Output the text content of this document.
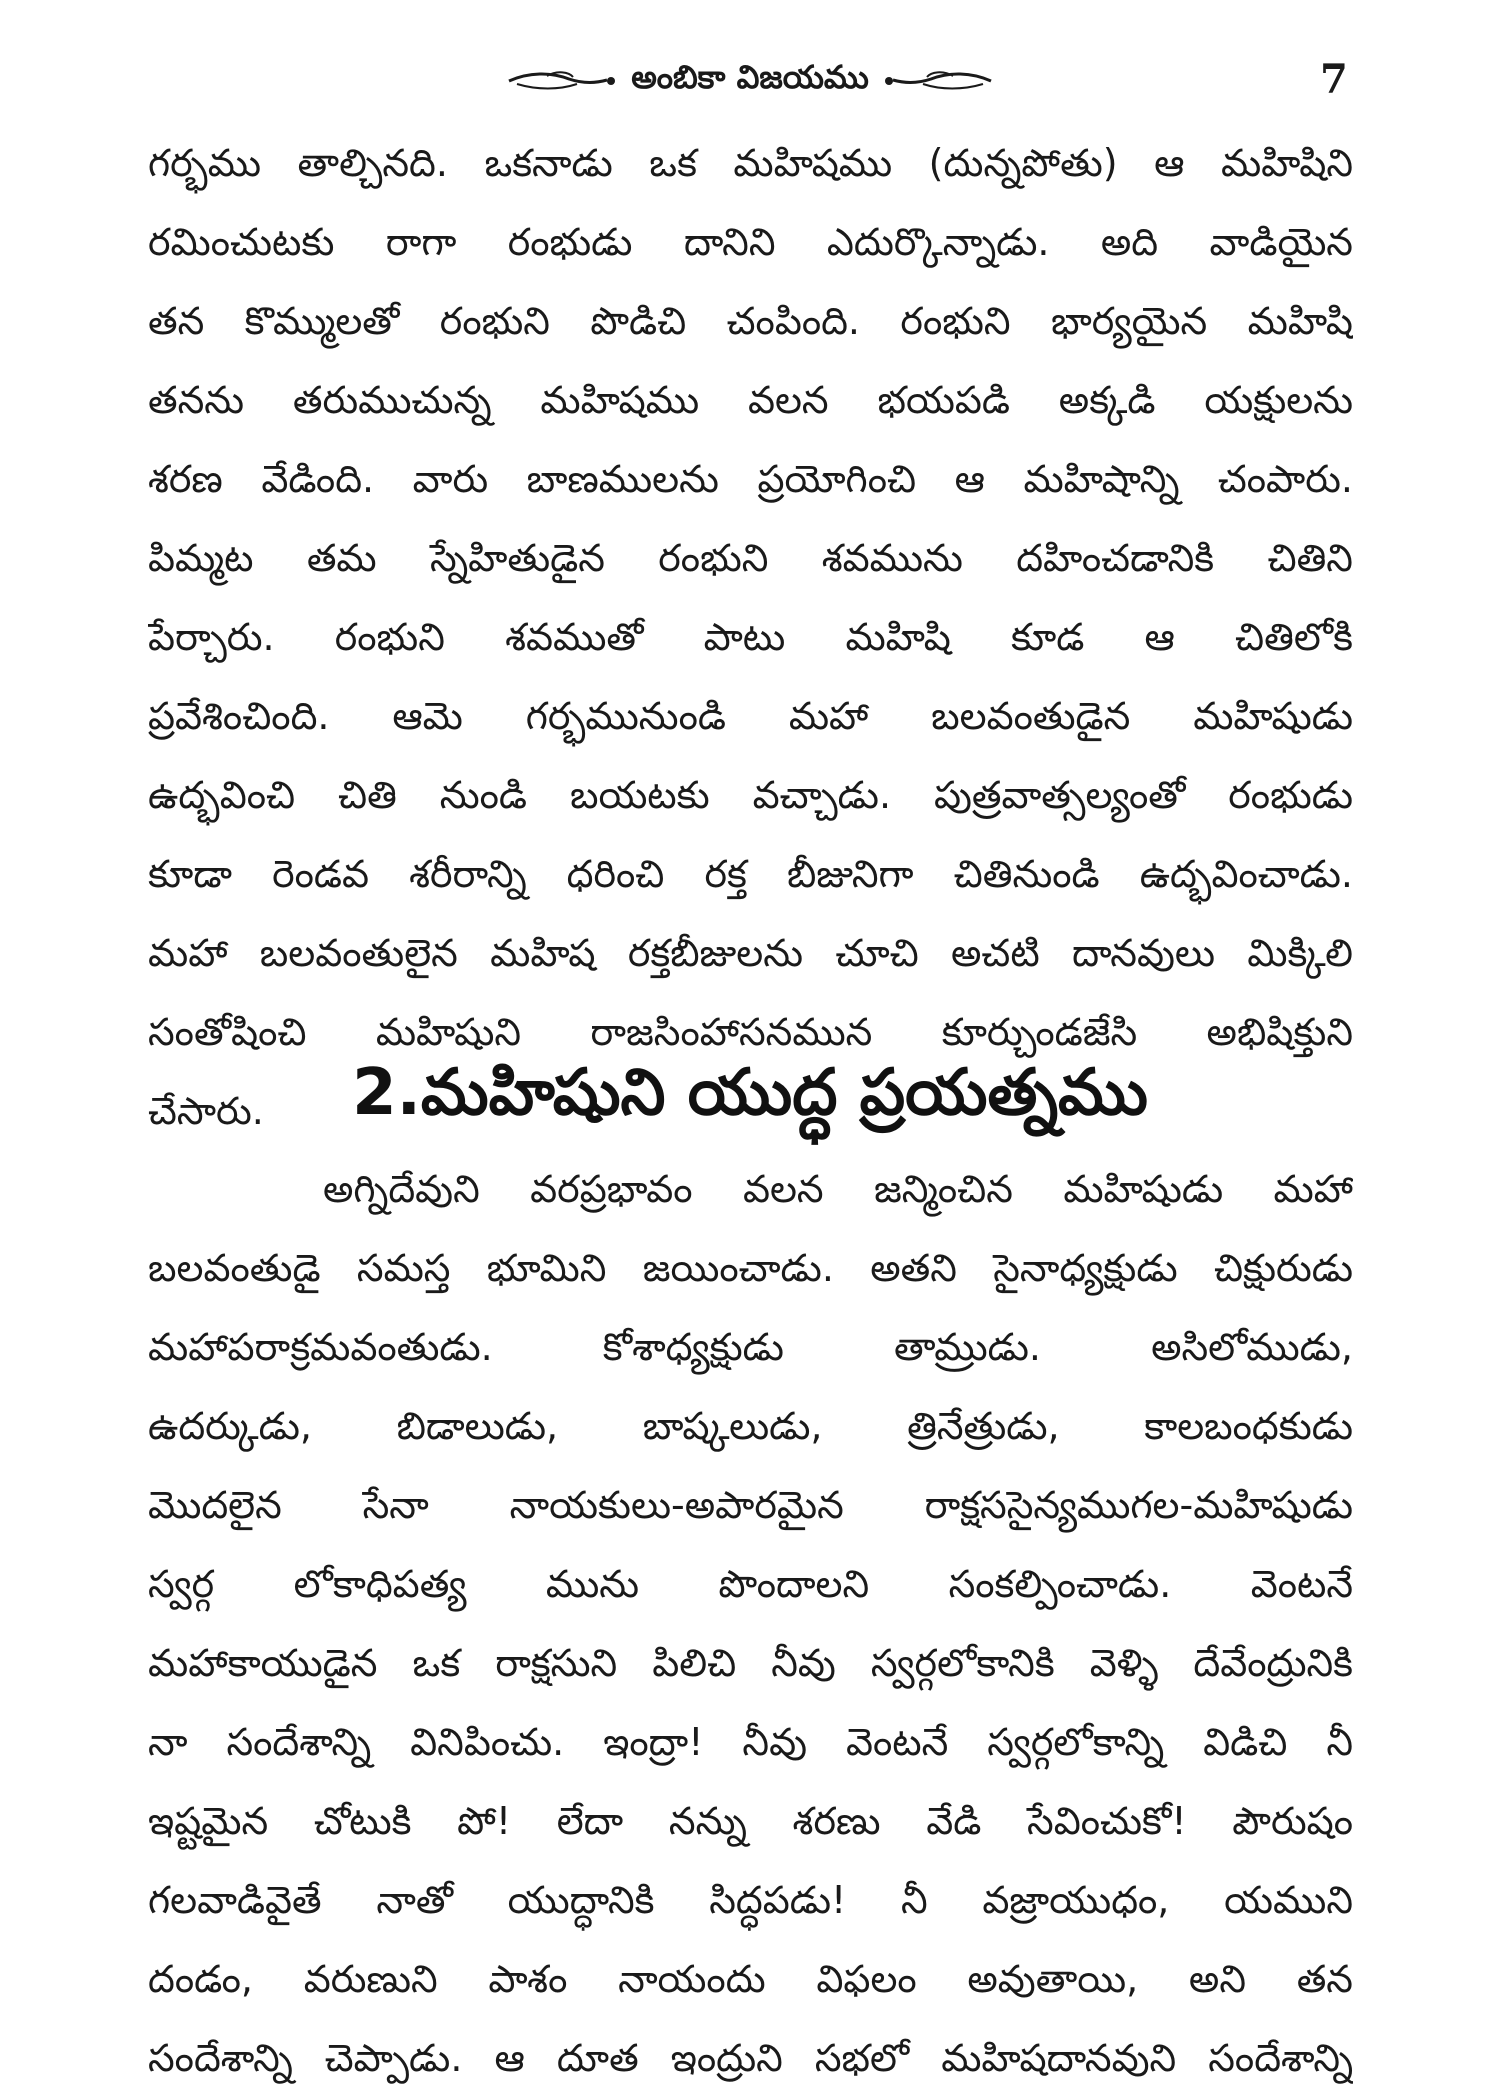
అంబికా విజయము	7
గర్భము తాల్చినది. ఒకనాడు ఒక మహిషము (దున్నపోతు) ఆ మహిషిని
రమించుటకు రాగా రంభుడు దానిని ఎదుర్కొన్నాడు. అది వాడియైన
తన కొమ్ములతో రంభుని పొడిచి చంపింది. రంభుని భార్యయైన మహిషి
తనను తరుముచున్న మహిషము వలన భయపడి అక్కడి యక్షులను
శరణ వేడింది. వారు బాణములను ప్రయోగించి ఆ మహిషాన్ని చంపారు.
పిమ్మట తమ స్నేహితుడైన రంభుని శవమును దహించడానికి చితిని
పేర్చారు. రంభుని శవముతో పాటు మహిషి కూడ ఆ చితిలోకి
ప్రవేశించింది. ఆమె గర్భమునుండి మహా బలవంతుడైన మహిషుడు
ఉద్భవించి చితి నుండి బయటకు వచ్చాడు. పుత్రవాత్సల్యంతో రంభుడు
కూడా రెండవ శరీరాన్ని ధరించి రక్త బీజునిగా చితినుండి ఉద్భవించాడు.
మహా బలవంతులైన మహిష రక్తబీజులను చూచి అచటి దానవులు మిక్కిలి
సంతోషించి మహిషుని రాజసింహాసనమున కూర్చుండజేసి అభిషిక్తుని
చేసారు.	2.మహిషుని యుద్ధ ప్రయత్నము
అగ్నిదేవుని వరప్రభావం వలన జన్మించిన మహిషుడు మహా
బలవంతుడై సమస్త భూమిని జయించాడు. అతని సైనాధ్యక్షుడు చిక్షురుడు
మహాపరాక్రమవంతుడు. కోశాధ్యక్షుడు తామ్రుడు. అసిలోముడు,
ఉదర్కుడు, బిడాలుడు, బాష్కలుడు, త్రినేత్రుడు, కాలబంధకుడు
మొదలైన సేనా నాయకులు-అపారమైన రాక్షససైన్యముగల-మహిషుడు
స్వర్గ లోకాధిపత్య మును పొందాలని సంకల్పించాడు. వెంటనే
మహాకాయుడైన ఒక రాక్షసుని పిలిచి నీవు స్వర్గలోకానికి వెళ్ళి దేవేంద్రునికి
నా సందేశాన్ని వినిపించు. ఇంద్రా! నీవు వెంటనే స్వర్గలోకాన్ని విడిచి నీ
ఇష్టమైన చోటుకి పో! లేదా నన్ను శరణు వేడి సేవించుకో! పౌరుషం
గలవాడివైతే నాతో యుద్ధానికి సిద్ధపడు! నీ వజ్రాయుధం, యముని
దండం, వరుణుని పాశం నాయందు విఫలం అవుతాయి, అని తన
సందేశాన్ని చెప్పాడు. ఆ దూత ఇంద్రుని సభలో మహిషదానవుని సందేశాన్ని
